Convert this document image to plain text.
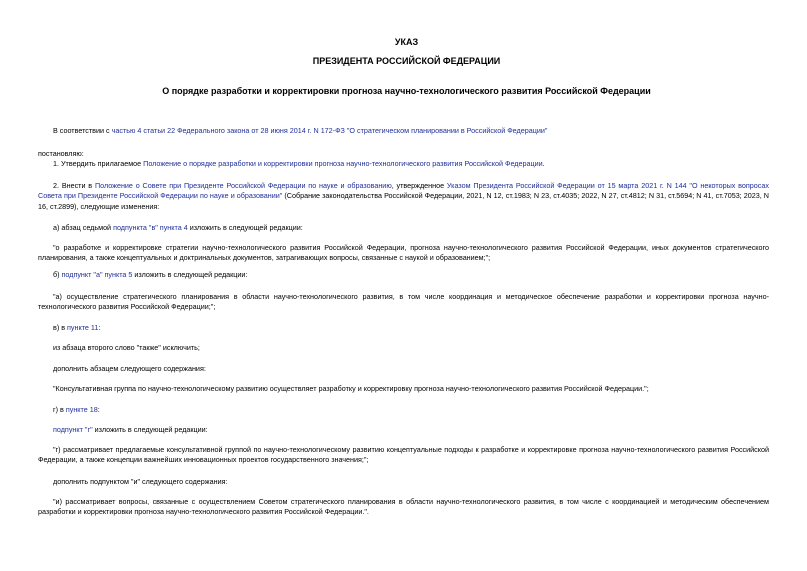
УКАЗ
ПРЕЗИДЕНТА РОССИЙСКОЙ ФЕДЕРАЦИИ
О порядке разработки и корректировки прогноза научно-технологического развития Российской Федерации

В соответствии с частью 4 статьи 22 Федерального закона от 28 июня 2014 г. N 172-ФЗ "О стратегическом планировании в Российской Федерации"

постановляю:

1. Утвердить прилагаемое Положение о порядке разработки и корректировки прогноза научно-технологического развития Российской Федерации.

2. Внести в Положение о Совете при Президенте Российской Федерации по науке и образованию, утвержденное Указом Президента Российской Федерации от 15 марта 2021 г. N 144 "О некоторых вопросах Совета при Президенте Российской Федерации по науке и образовании" (Собрание законодательства Российской Федерации, 2021, N 12, ст.1983; N 23, ст.4035; 2022, N 27, ст.4812; N 31, ст.5694; N 41, ст.7053; 2023, N 16, ст.2899), следующие изменения:

а) абзац седьмой подпункта "в" пункта 4 изложить в следующей редакции:

"о разработке и корректировке стратегии научно-технологического развития Российской Федерации, прогноза научно-технологического развития Российской Федерации, иных документов стратегического планирования, а также концептуальных и доктринальных документов, затрагивающих вопросы, связанные с наукой и образованием;";

б) подпункт "а" пункта 5 изложить в следующей редакции:

"а) осуществление стратегического планирования в области научно-технологического развития, в том числе координация и методическое обеспечение разработки и корректировки прогноза научно-технологического развития Российской Федерации;";

в) в пункте 11:

из абзаца второго слово "также" исключить;

дополнить абзацем следующего содержания:

"Консультативная группа по научно-технологическому развитию осуществляет разработку и корректировку прогноза научно-технологического развития Российской Федерации.";

г) в пункте 18:

подпункт "г" изложить в следующей редакции:

"г) рассматривает предлагаемые консультативной группой по научно-технологическому развитию концептуальные подходы к разработке и корректировке прогноза научно-технологического развития Российской Федерации, а также концепции важнейших инновационных проектов государственного значения;";

дополнить подпунктом "и" следующего содержания:

"и) рассматривает вопросы, связанные с осуществлением Советом стратегического планирования в области научно-технологического развития, в том числе с координацией и методическим обеспечением разработки и корректировки прогноза научно-технологического развития Российской Федерации.".
